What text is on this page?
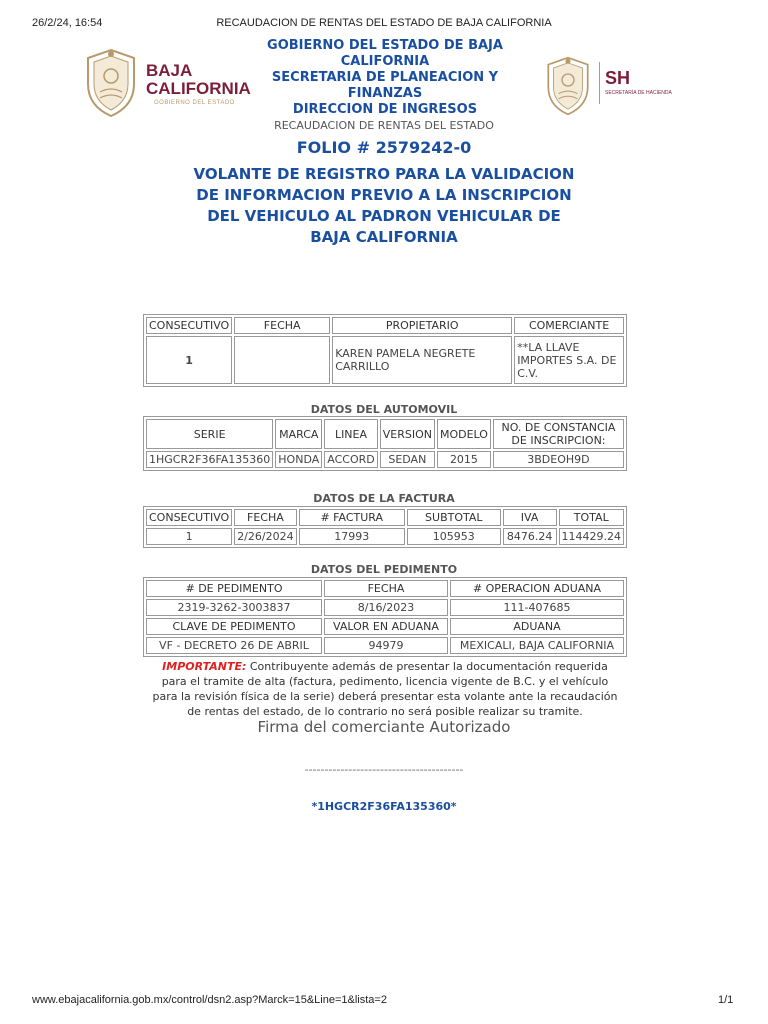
26/2/24, 16:54	RECAUDACION DE RENTAS DEL ESTADO DE BAJA CALIFORNIA
BAJA
CALIFORNIA
GOBIERNO DEL ESTADO
SH
SECRETARÍA DE HACIENDA
GOBIERNO DEL ESTADO DE BAJA
CALIFORNIA
SECRETARIA DE PLANEACION Y
FINANZAS
DIRECCION DE INGRESOS
RECAUDACION DE RENTAS DEL ESTADO
FOLIO # 2579242-0
VOLANTE DE REGISTRO PARA LA VALIDACION
DE INFORMACION PREVIO A LA INSCRIPCION
DEL VEHICULO AL PADRON VEHICULAR DE
BAJA CALIFORNIA
CONSECUTIVO	FECHA	PROPIETARIO	COMERCIANTE
1		KAREN PAMELA NEGRETE CARRILLO	**LA LLAVE IMPORTES S.A. DE C.V.
DATOS DEL AUTOMOVIL
SERIE	MARCA	LINEA	VERSION	MODELO	NO. DE CONSTANCIA DE INSCRIPCION:
1HGCR2F36FA135360	HONDA	ACCORD	SEDAN	2015	3BDEOH9D
DATOS DE LA FACTURA
CONSECUTIVO	FECHA	# FACTURA	SUBTOTAL	IVA	TOTAL
1	2/26/2024	17993	105953	8476.24	114429.24
DATOS DEL PEDIMENTO
# DE PEDIMENTO	FECHA	# OPERACION ADUANA
2319-3262-3003837	8/16/2023	111-407685
CLAVE DE PEDIMENTO	VALOR EN ADUANA	ADUANA
VF - DECRETO 26 DE ABRIL	94979	MEXICALI, BAJA CALIFORNIA
IMPORTANTE: Contribuyente además de presentar la documentación requerida para el tramite de alta (factura, pedimento, licencia vigente de B.C. y el vehículo para la revisión física de la serie) deberá presentar esta volante ante la recaudación de rentas del estado, de lo contrario no será posible realizar su tramite.
Firma del comerciante Autorizado
----------------------------------------
*1HGCR2F36FA135360*
www.ebajacalifornia.gob.mx/control/dsn2.asp?Marck=15&Line=1&lista=2	1/1
